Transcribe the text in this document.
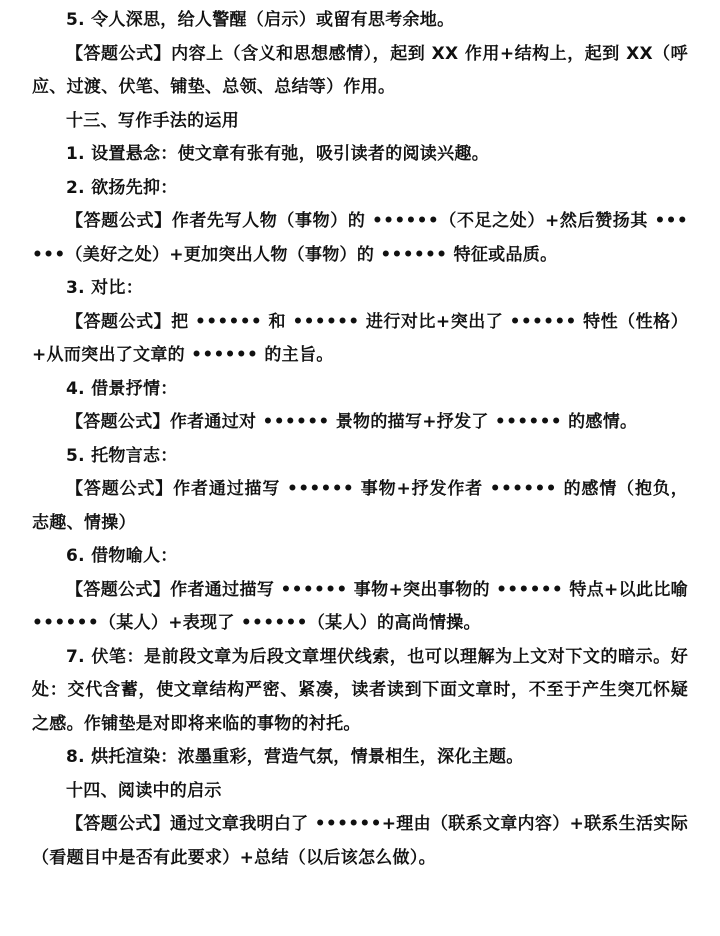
5. 令人深思，给人警醒（启示）或留有思考余地。

【答题公式】内容上（含义和思想感情），起到 XX 作用+结构上，起到 XX（呼应、过渡、伏笔、铺垫、总领、总结等）作用。

十三、写作手法的运用

1. 设置悬念：使文章有张有弛，吸引读者的阅读兴趣。

2. 欲扬先抑：

【答题公式】作者先写人物（事物）的 ••••••（不足之处）+然后赞扬其 ••••••（美好之处）+更加突出人物（事物）的 •••••• 特征或品质。

3. 对比：

【答题公式】把 •••••• 和 •••••• 进行对比+突出了 •••••• 特性（性格）+从而突出了文章的 •••••• 的主旨。

4. 借景抒情：

【答题公式】作者通过对 •••••• 景物的描写+抒发了 •••••• 的感情。

5. 托物言志：

【答题公式】作者通过描写 •••••• 事物+抒发作者 •••••• 的感情（抱负，志趣、情操）

6. 借物喻人：

【答题公式】作者通过描写 •••••• 事物+突出事物的 •••••• 特点+以此比喻 ••••••（某人）+表现了 ••••••（某人）的高尚情操。

7. 伏笔：是前段文章为后段文章埋伏线索，也可以理解为上文对下文的暗示。好处：交代含蓄，使文章结构严密、紧凑，读者读到下面文章时，不至于产生突兀怀疑之感。作铺垫是对即将来临的事物的衬托。

8. 烘托渲染：浓墨重彩，营造气氛，情景相生，深化主题。

十四、阅读中的启示

【答题公式】通过文章我明白了 ••••••+理由（联系文章内容）+联系生活实际（看题目中是否有此要求）+总结（以后该怎么做）。
